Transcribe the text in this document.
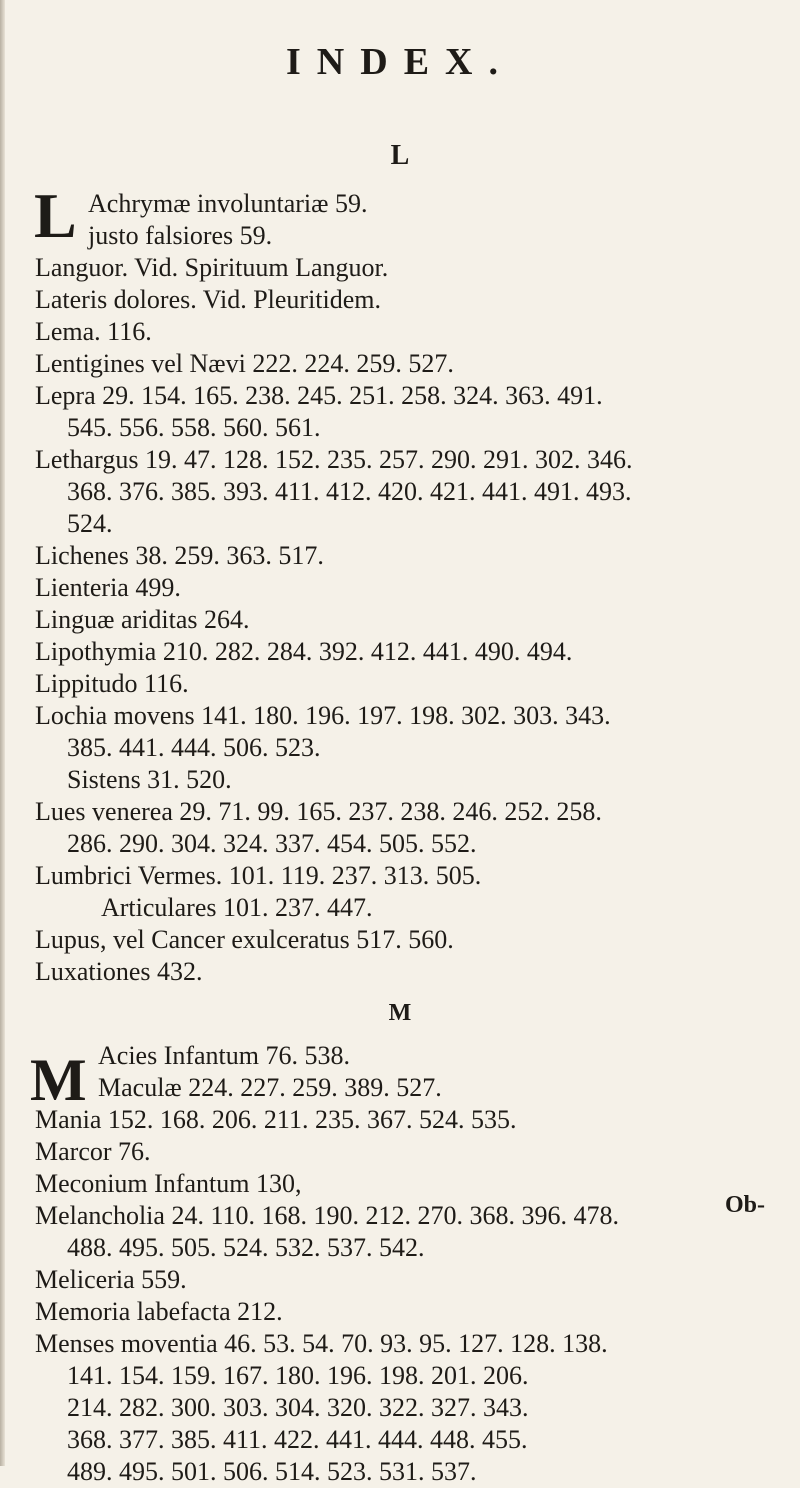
INDEX.
L
L Achrymæ involuntariæ 59.
justo falsiores 59.
Languor. Vid. Spirituum Languor.
Lateris dolores. Vid. Pleuritidem.
Lema. 116.
Lentigines vel Nævi 222. 224. 259. 527.
Lepra 29. 154. 165. 238. 245. 251. 258. 324. 363. 491.
545. 556. 558. 560. 561.
Lethargus 19. 47. 128. 152. 235. 257. 290. 291. 302. 346.
368. 376. 385. 393. 411. 412. 420. 421. 441. 491. 493.
524.
Lichenes 38. 259. 363. 517.
Lienteria 499.
Linguæ ariditas 264.
Lipothymia 210. 282. 284. 392. 412. 441. 490. 494.
Lippitudo 116.
Lochia movens 141. 180. 196. 197. 198. 302. 303. 343.
385. 441. 444. 506. 523.
Sistens 31. 520.
Lues venerea 29. 71. 99. 165. 237. 238. 246. 252. 258.
286. 290. 304. 324. 337. 454. 505. 552.
Lumbrici Vermes. 101. 119. 237. 313. 505.
Articulares 101. 237. 447.
Lupus, vel Cancer exulceratus 517. 560.
Luxationes 432.
M
M Acies Infantum 76. 538.
Maculæ 224. 227. 259. 389. 527.
Mania 152. 168. 206. 211. 235. 367. 524. 535.
Marcor 76.
Meconium Infantum 130,
Melancholia 24. 110. 168. 190. 212. 270. 368. 396. 478.
488. 495. 505. 524. 532. 537. 542.
Meliceria 559.
Memoria labefacta 212.
Menses moventia 46. 53. 54. 70. 93. 95. 127. 128. 138.
141. 154. 159. 167. 180. 196. 198. 201. 206.
214. 282. 300. 303. 304. 320. 322. 327. 343.
368. 377. 385. 411. 422. 441. 444. 448. 455.
489. 495. 501. 506. 514. 523. 531. 537.
Ob-
